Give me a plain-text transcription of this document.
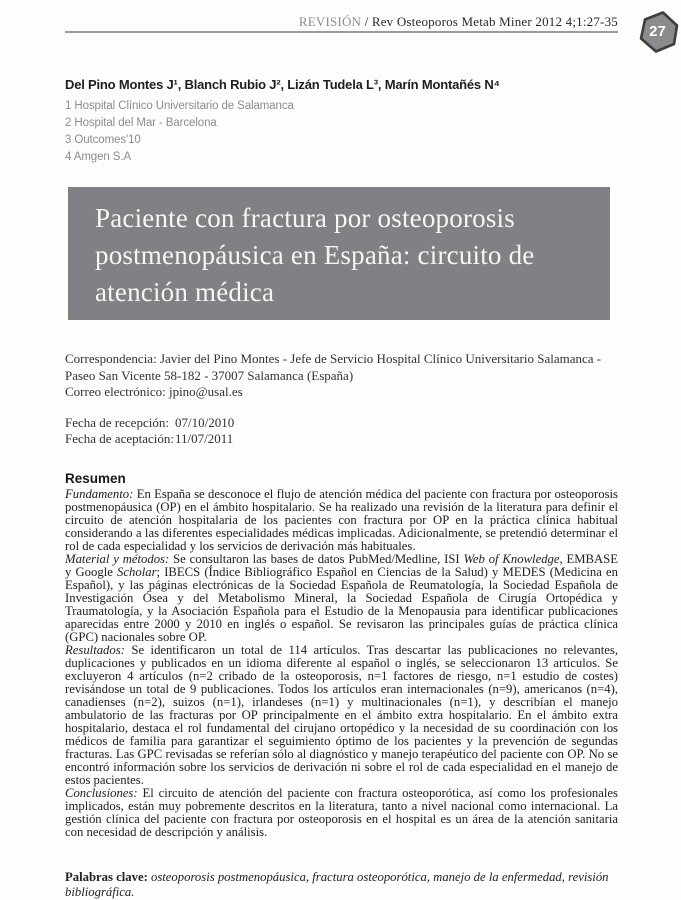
REVISIÓN / Rev Osteoporos Metab Miner 2012 4;1:27-35
27

Del Pino Montes J¹, Blanch Rubio J², Lizán Tudela L³, Marín Montañés N⁴

1 Hospital Clínico Universitario de Salamanca
2 Hospital del Mar - Barcelona
3 Outcomes'10
4 Amgen S.A
Paciente con fractura por osteoporosis postmenopáusica en España: circuito de atención médica

Correspondencia: Javier del Pino Montes - Jefe de Servicio Hospital Clínico Universitario Salamanca - Paseo San Vicente 58-182 - 37007 Salamanca (España)

Correo electrónico: jpino@usal.es

Fecha de recepción: 07/10/2010
Fecha de aceptación: 11/07/2011
Resumen

Fundamento: En España se desconoce el flujo de atención médica del paciente con fractura por osteoporosis postmenopáusica (OP) en el ámbito hospitalario. Se ha realizado una revisión de la literatura para definir el circuito de atención hospitalaria de los pacientes con fractura por OP en la práctica clínica habitual considerando a las diferentes especialidades médicas implicadas. Adicionalmente, se pretendió determinar el rol de cada especialidad y los servicios de derivación más habituales.

Material y métodos: Se consultaron las bases de datos PubMed/Medline, ISI Web of Knowledge, EMBASE y Google Scholar; IBECS (Índice Bibliográfico Español en Ciencias de la Salud) y MEDES (Medicina en Español), y las páginas electrónicas de la Sociedad Española de Reumatología, la Sociedad Española de Investigación Ósea y del Metabolismo Mineral, la Sociedad Española de Cirugía Ortopédica y Traumatología, y la Asociación Española para el Estudio de la Menopausia para identificar publicaciones aparecidas entre 2000 y 2010 en inglés o español. Se revisaron las principales guías de práctica clínica (GPC) nacionales sobre OP.

Resultados: Se identificaron un total de 114 artículos. Tras descartar las publicaciones no relevantes, duplicaciones y publicados en un idioma diferente al español o inglés, se seleccionaron 13 artículos. Se excluyeron 4 artículos (n=2 cribado de la osteoporosis, n=1 factores de riesgo, n=1 estudio de costes) revisándose un total de 9 publicaciones. Todos los artículos eran internacionales (n=9), americanos (n=4), canadienses (n=2), suizos (n=1), irlandeses (n=1) y multinacionales (n=1), y describían el manejo ambulatorio de las fracturas por OP principalmente en el ámbito extra hospitalario. En el ámbito extra hospitalario, destaca el rol fundamental del cirujano ortopédico y la necesidad de su coordinación con los médicos de familia para garantizar el seguimiento óptimo de los pacientes y la prevención de segundas fracturas. Las GPC revisadas se referían sólo al diagnóstico y manejo terapéutico del paciente con OP. No se encontró información sobre los servicios de derivación ni sobre el rol de cada especialidad en el manejo de estos pacientes.

Conclusiones: El circuito de atención del paciente con fractura osteoporótica, así como los profesionales implicados, están muy pobremente descritos en la literatura, tanto a nivel nacional como internacional. La gestión clínica del paciente con fractura por osteoporosis en el hospital es un área de la atención sanitaria con necesidad de descripción y análisis.

Palabras clave: osteoporosis postmenopáusica, fractura osteoporótica, manejo de la enfermedad, revisión bibliográfica.
